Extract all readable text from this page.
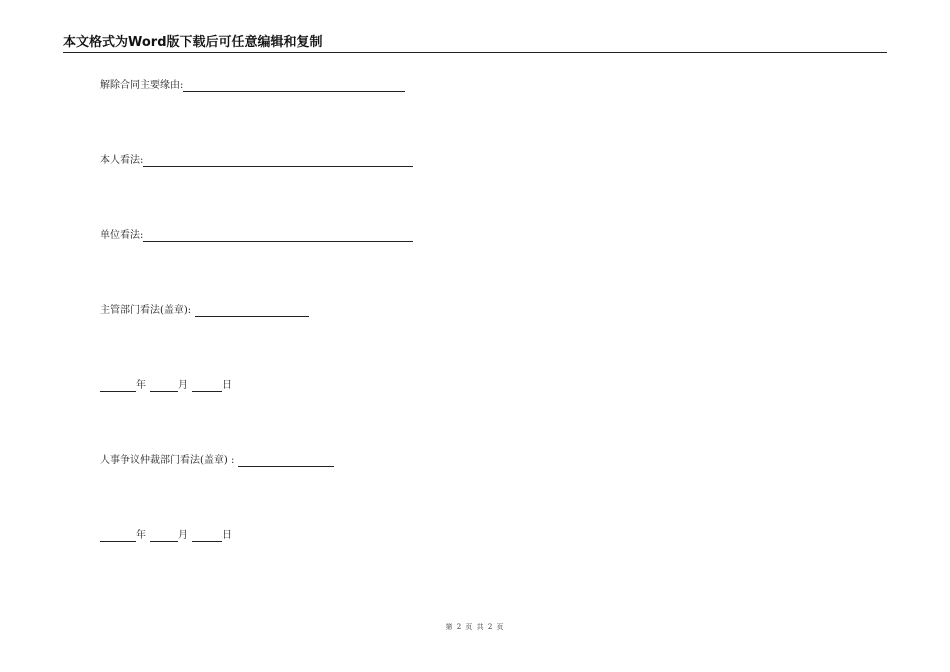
本文格式为Word版下载后可任意编辑和复制
解除合同主要缘由:
本人看法:
单位看法:
主管部门看法(盖章):
年	月	日
人事争议仲裁部门看法(盖章) :
年	月	日
第 2 页 共 2 页
